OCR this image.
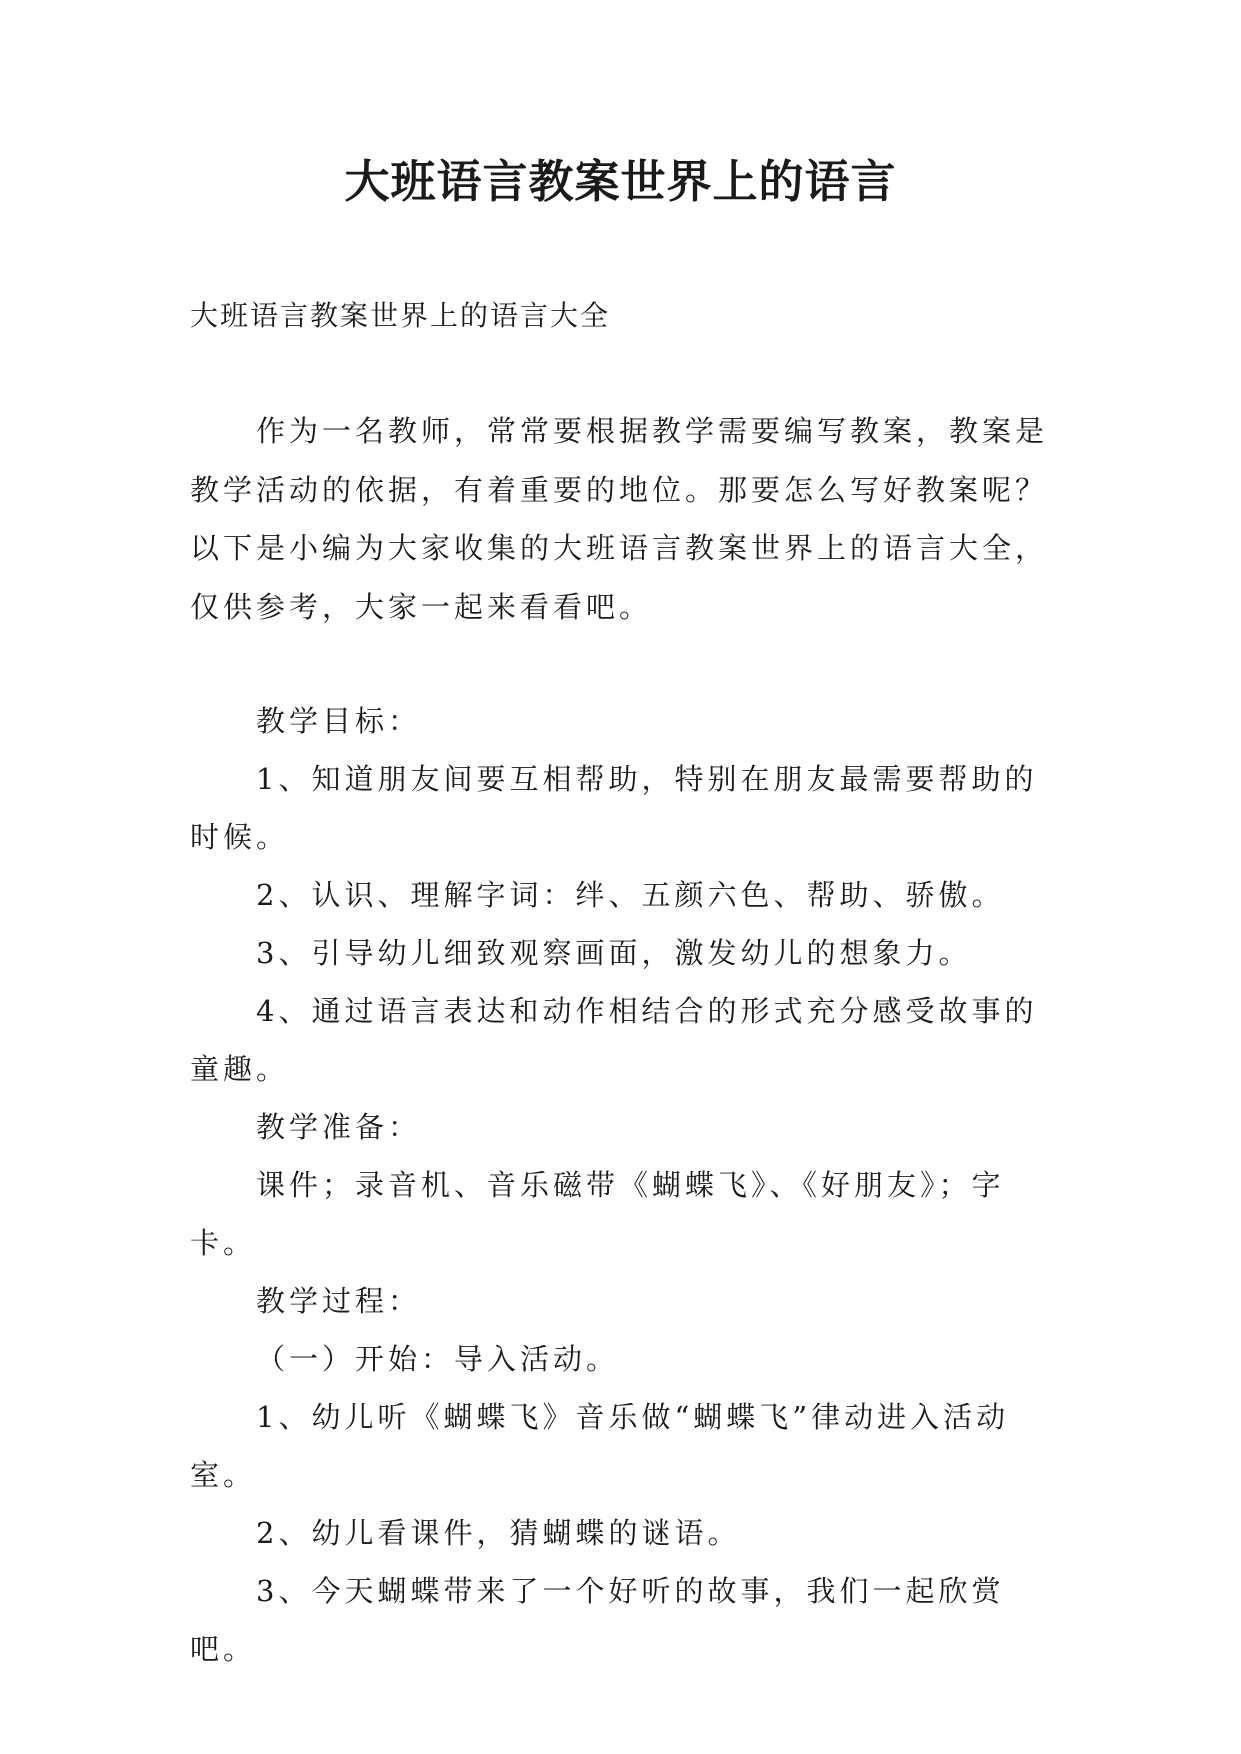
大班语言教案世界上的语言

大班语言教案世界上的语言大全

作为一名教师，常常要根据教学需要编写教案，教案是教学活动的依据，有着重要的地位。那要怎么写好教案呢？以下是小编为大家收集的大班语言教案世界上的语言大全，仅供参考，大家一起来看看吧。

教学目标：

1、知道朋友间要互相帮助，特别在朋友最需要帮助的时候。

2、认识、理解字词：绊、五颜六色、帮助、骄傲。

3、引导幼儿细致观察画面，激发幼儿的想象力。

4、通过语言表达和动作相结合的形式充分感受故事的童趣。

教学准备：

课件；录音机、音乐磁带《蝴蝶飞》、《好朋友》；字卡。

教学过程：

（一）开始：导入活动。

1、幼儿听《蝴蝶飞》音乐做“蝴蝶飞”律动进入活动室。

2、幼儿看课件，猜蝴蝶的谜语。

3、今天蝴蝶带来了一个好听的故事，我们一起欣赏吧。
